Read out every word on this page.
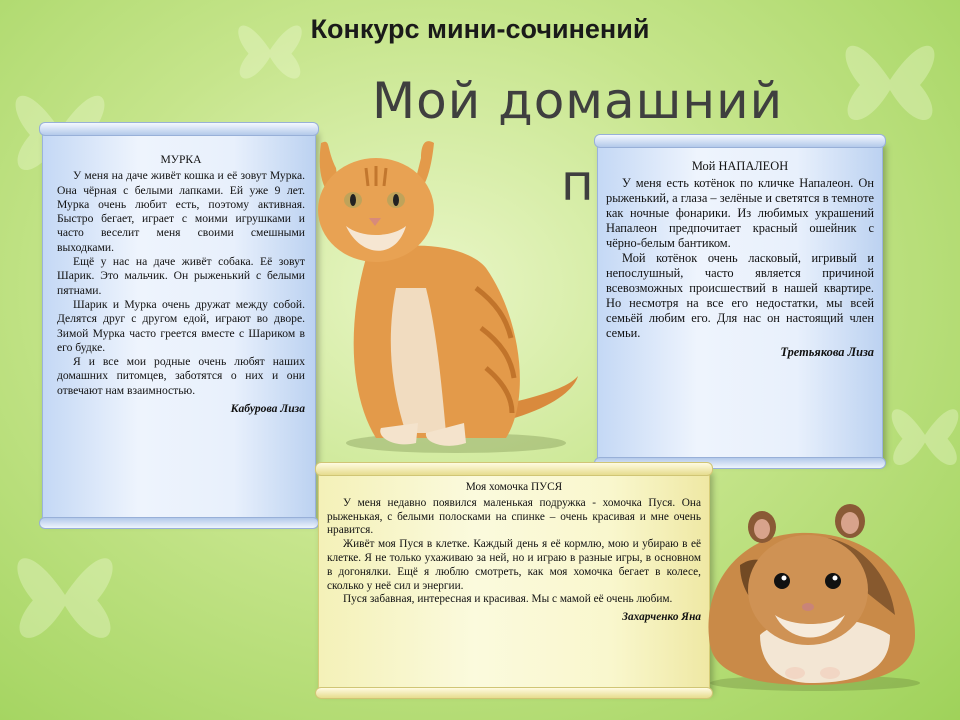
Конкурс мини-сочинений
Мой домашний
п
МУРКА

У меня на даче живёт кошка и её зовут Мурка. Она чёрная с белыми лапками. Ей уже 9 лет. Мурка очень любит есть, поэтому активная. Быстро бегает, играет с моими игрушками и часто веселит меня своими смешными выходками.

Ещё у нас на даче живёт собака. Её зовут Шарик. Это мальчик. Он рыженький с белыми пятнами.

Шарик и Мурка очень дружат между собой. Делятся друг с другом едой, играют во дворе. Зимой Мурка часто греется вместе с Шариком в его будке.

Я и все мои родные очень любят наших домашних питомцев, заботятся о них и они отвечают нам взаимностью.

Кабурова Лиза
Мой НАПАЛЕОН

У меня есть котёнок по кличке Напалеон. Он рыженький, а глаза – зелёные и светятся в темноте как ночные фонарики. Из любимых украшений Напалеон предпочитает красный ошейник с чёрно-белым бантиком.

Мой котёнок очень ласковый, игривый и непослушный, часто является причиной всевозможных происшествий в нашей квартире. Но несмотря на все его недостатки, мы всей семьёй любим его. Для нас он настоящий член семьи.

Третьякова Лиза
Моя хомочка ПУСЯ

У меня недавно появился маленькая подружка - хомочка Пуся. Она рыженькая, с белыми полосками на спинке – очень красивая и мне очень нравится.

Живёт моя Пуся в клетке. Каждый день я её кормлю, мою и убираю в её клетке. Я не только ухаживаю за ней, но и играю в разные игры, в основном в догонялки. Ещё я люблю смотреть, как моя хомочка бегает в колесе, сколько у неё сил и энергии.

Пуся забавная, интересная и красивая. Мы с мамой её очень любим.

Захарченко Яна
